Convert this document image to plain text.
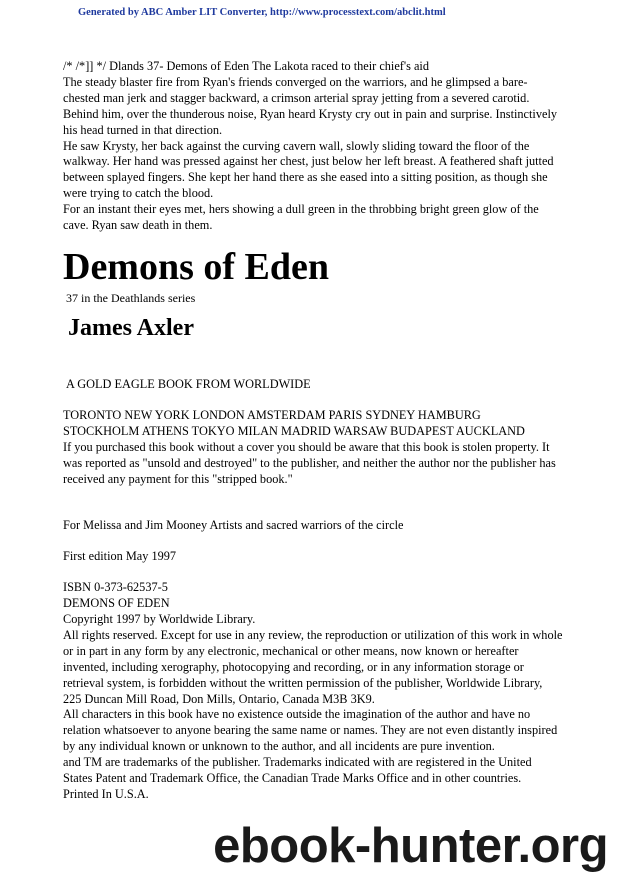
Generated by ABC Amber LIT Converter, http://www.processtext.com/abclit.html

/* /*]] */ Dlands 37- Demons of Eden The Lakota raced to their chief's aid

The steady blaster fire from Ryan's friends converged on the warriors, and he glimpsed a bare-chested man jerk and stagger backward, a crimson arterial spray jetting from a severed carotid.

Behind him, over the thunderous noise, Ryan heard Krysty cry out in pain and surprise. Instinctively his head turned in that direction.

He saw Krysty, her back against the curving cavern wall, slowly sliding toward the floor of the walkway. Her hand was pressed against her chest, just below her left breast. A feathered shaft jutted between splayed fingers. She kept her hand there as she eased into a sitting position, as though she were trying to catch the blood.

For an instant their eyes met, hers showing a dull green in the throbbing bright green glow of the cave. Ryan saw death in them.

Demons of Eden

37 in the Deathlands series

James Axler

A GOLD EAGLE BOOK FROM WORLDWIDE

TORONTO NEW YORK LONDON AMSTERDAM PARIS SYDNEY HAMBURG

STOCKHOLM ATHENS TOKYO MILAN MADRID WARSAW BUDAPEST AUCKLAND

If you purchased this book without a cover you should be aware that this book is stolen property. It was reported as "unsold and destroyed" to the publisher, and neither the author nor the publisher has received any payment for this "stripped book."

For Melissa and Jim Mooney Artists and sacred warriors of the circle

First edition May 1997

ISBN 0-373-62537-5

DEMONS OF EDEN

Copyright 1997 by Worldwide Library.

All rights reserved. Except for use in any review, the reproduction or utilization of this work in whole or in part in any form by any electronic, mechanical or other means, now known or hereafter invented, including xerography, photocopying and recording, or in any information storage or retrieval system, is forbidden without the written permission of the publisher, Worldwide Library, 225 Duncan Mill Road, Don Mills, Ontario, Canada M3B 3K9.

All characters in this book have no existence outside the imagination of the author and have no relation whatsoever to anyone bearing the same name or names. They are not even distantly inspired by any individual known or unknown to the author, and all incidents are pure invention.

and TM are trademarks of the publisher. Trademarks indicated with are registered in the United States Patent and Trademark Office, the Canadian Trade Marks Office and in other countries.

Printed In U.S.A.

ebook-hunter.org
